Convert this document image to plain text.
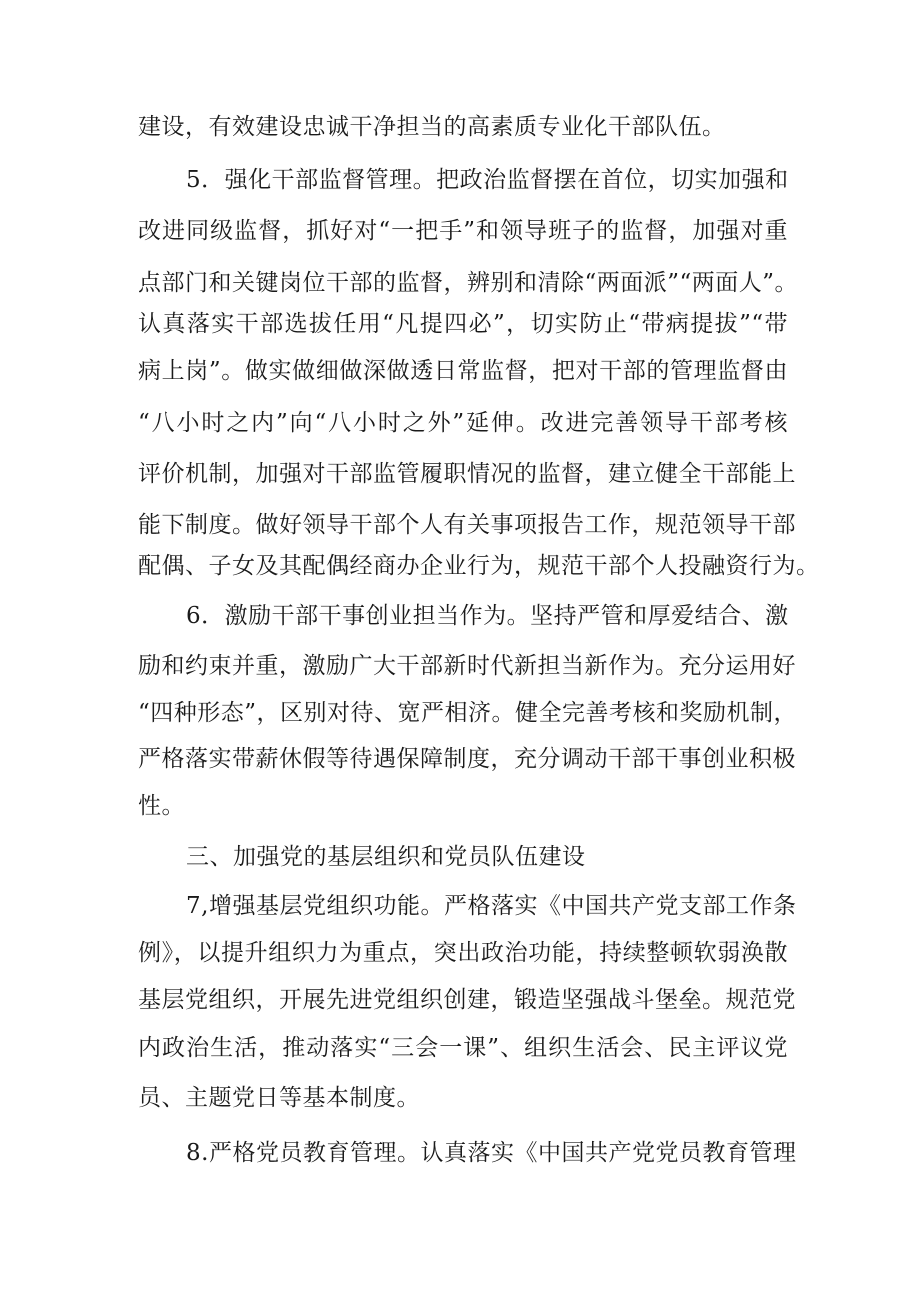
建设，有效建设忠诚干净担当的高素质专业化干部队伍。
5．强化干部监督管理。把政治监督摆在首位，切实加强和
改进同级监督，抓好对“一把手”和领导班子的监督，加强对重
点部门和关键岗位干部的监督，辨别和清除“两面派”“两面人”。
认真落实干部选拔任用“凡提四必”，切实防止“带病提拔”“带
病上岗”。做实做细做深做透日常监督，把对干部的管理监督由
“八小时之内”向“八小时之外”延伸。改进完善领导干部考核
评价机制，加强对干部监管履职情况的监督，建立健全干部能上
能下制度。做好领导干部个人有关事项报告工作，规范领导干部
配偶、子女及其配偶经商办企业行为，规范干部个人投融资行为。
6．激励干部干事创业担当作为。坚持严管和厚爱结合、激
励和约束并重，激励广大干部新时代新担当新作为。充分运用好
“四种形态”，区别对待、宽严相济。健全完善考核和奖励机制，
严格落实带薪休假等待遇保障制度，充分调动干部干事创业积极
性。
三、加强党的基层组织和党员队伍建设
7,增强基层党组织功能。严格落实《中国共产党支部工作条
例》，以提升组织力为重点，突出政治功能，持续整顿软弱涣散
基层党组织，开展先进党组织创建，锻造坚强战斗堡垒。规范党
内政治生活，推动落实“三会一课”、组织生活会、民主评议党
员、主题党日等基本制度。
8.严格党员教育管理。认真落实《中国共产党党员教育管理
